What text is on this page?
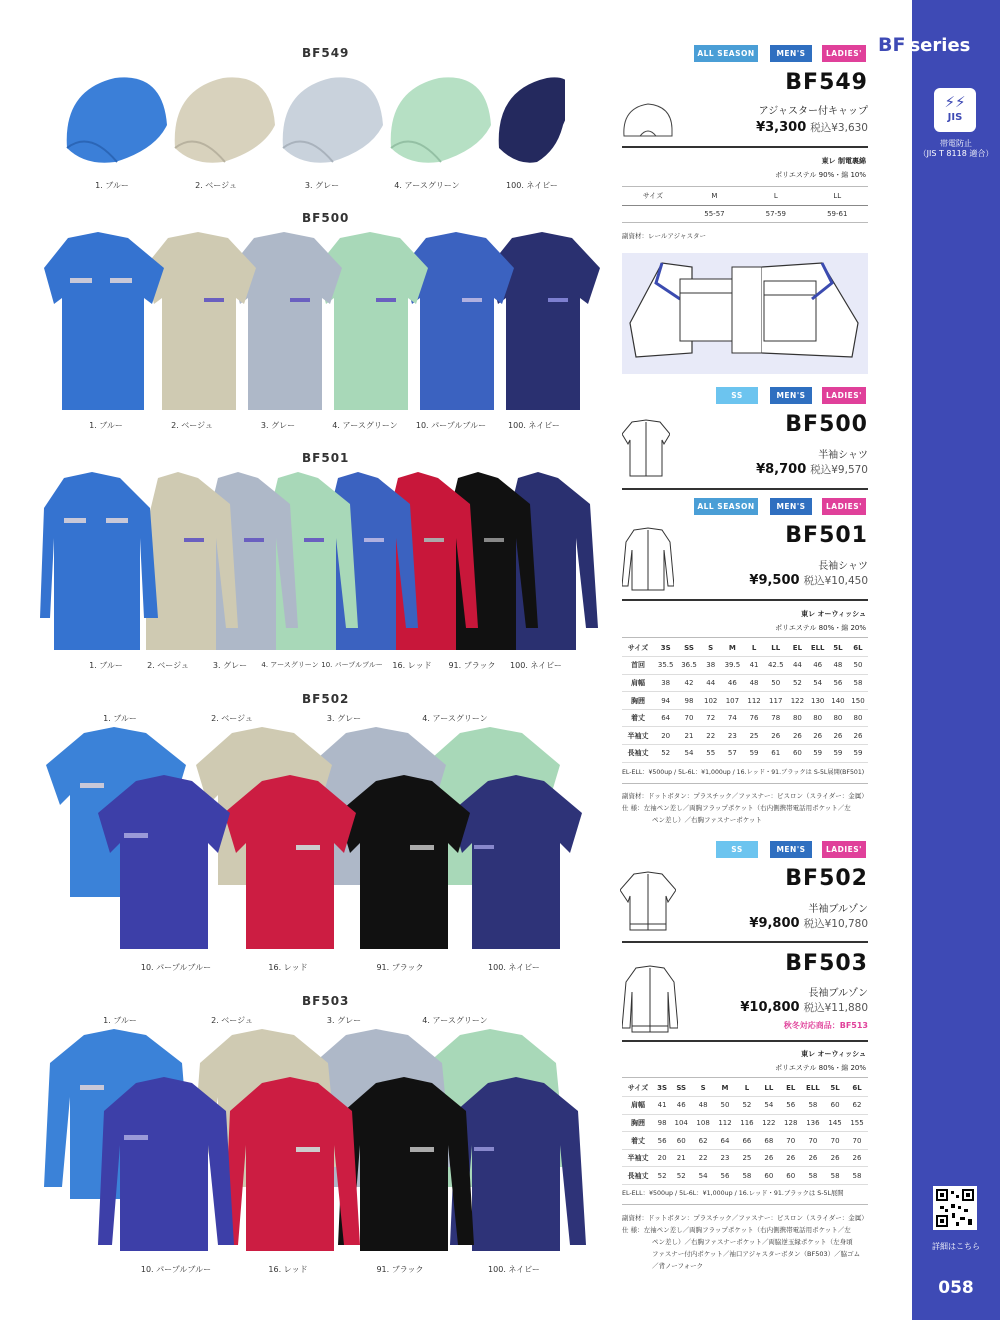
BF series
⚡⚡
JIS
帯電防止
（JIS T 8118 適合）
詳細はこちら
058
BF549
1. ブルー	2. ベージュ	3. グレー	4. アースグリーン	100. ネイビー
BF500
1. ブルー	2. ベージュ	3. グレー	4. アースグリーン	10. パープルブルー	100. ネイビー
BF501
1. ブルー	2. ベージュ	3. グレー	4. アースグリーン 10. パープルブルー	16. レッド	91. ブラック	100. ネイビー
BF502
1. ブルー	2. ベージュ	3. グレー	4. アースグリーン
10. パープルブルー	16. レッド	91. ブラック	100. ネイビー
BF503
1. ブルー	2. ベージュ	3. グレー	4. アースグリーン
10. パープルブルー	16. レッド	91. ブラック	100. ネイビー
ALL SEASON	MEN'S	LADIES'
BF549
アジャスター付キャップ
¥3,300 税込¥3,630
東レ 制電裏綿
ポリエステル 90%・綿 10%
サイズ	M	L	LL
	55-57	57-59	59-61
副資材：レールアジャスター
SS	MEN'S	LADIES'
BF500
半袖シャツ
¥8,700 税込¥9,570
ALL SEASON	MEN'S	LADIES'
BF501
長袖シャツ
¥9,500 税込¥10,450
東レ オーウィッシュ
ポリエステル 80%・綿 20%
サイズ	3S	SS	S	M	L	LL	EL	ELL	5L	6L
首回	35.5	36.5	38	39.5	41	42.5	44	46	48	50
肩幅	38	42	44	46	48	50	52	54	56	58
胸囲	94	98	102	107	112	117	122	130	140	150
着丈	64	70	72	74	76	78	80	80	80	80
半袖丈	20	21	22	23	25	26	26	26	26	26
長袖丈	52	54	55	57	59	61	60	59	59	59
EL-ELL：¥500up / 5L-6L：¥1,000up / 16.レッド・91.ブラックは S-5L展開(BF501)
副資材：ドットボタン：プラスチック／ファスナー：ビスロン（スライダー：金属）
仕 様：左袖ペン差し／両胸フラップポケット（右内側携帯電話用ポケット／左
ペン差し）／右胸ファスナーポケット
SS	MEN'S	LADIES'
BF502
半袖ブルゾン
¥9,800 税込¥10,780
BF503
長袖ブルゾン
¥10,800 税込¥11,880
秋冬対応商品：BF513
東レ オーウィッシュ
ポリエステル 80%・綿 20%
サイズ	3S	SS	S	M	L	LL	EL	ELL	5L	6L
肩幅	41	46	48	50	52	54	56	58	60	62
胸囲	98	104	108	112	116	122	128	136	145	155
着丈	56	60	62	64	66	68	70	70	70	70
半袖丈	20	21	22	23	25	26	26	26	26	26
長袖丈	52	52	54	56	58	60	60	58	58	58
EL-ELL：¥500up / 5L-6L：¥1,000up / 16.レッド・91.ブラックは S-5L展開
副資材：ドットボタン：プラスチック／ファスナー：ビスロン（スライダー：金属）
仕 様：左袖ペン差し／両胸フラップポケット（右内側携帯電話用ポケット／左
ペン差し）／右胸ファスナーポケット／両脇逆玉縁ポケット（左身頃
ファスナー付内ポケット／袖口アジャスターボタン（BF503）／脇ゴム
／背ノーフォーク
